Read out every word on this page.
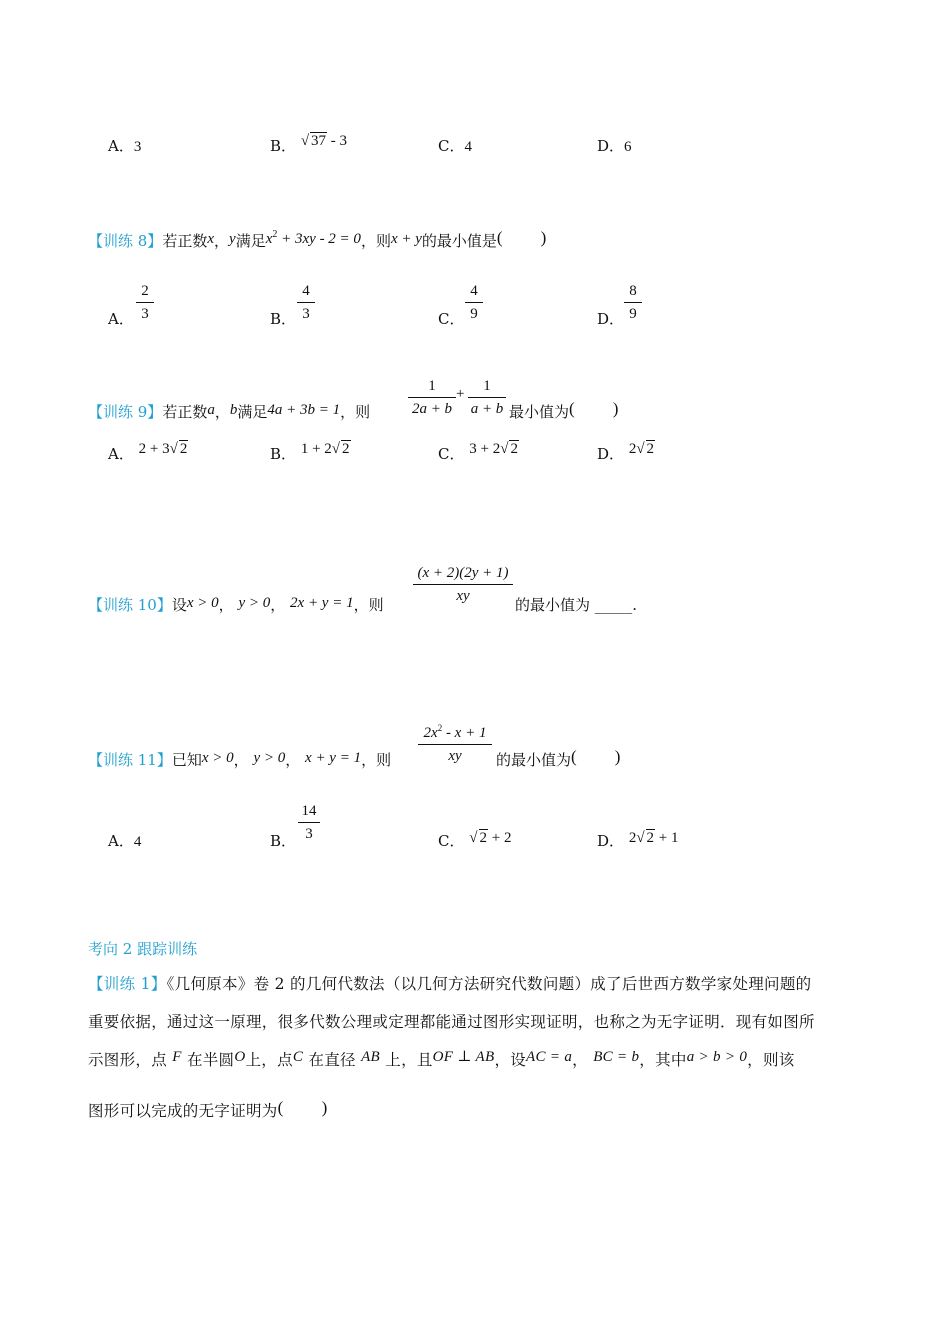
A．3	B． √ 37 - 3	C．4	D．6
【训练 8】若正数x，y满足$x^2 + 3xy - 2 = 0$，则x + y的最小值是( )
A．
2
3	B．
4
3	C．
4
9	D．
8
9
【训练 9】若正数a，b满足4a + 3b = 1，则
1
2a + b
+	1
a + b 最小值为( )
A． 2 + 3√ 2	B． 1 + 2√ 2	C． 3 + 2√ 2	D． 2√ 2
【训练 10】设x > 0， y > 0， 2x + y = 1，则
(x + 2)(2y + 1)
xy	的最小值为 _____.
【训练 11】已知x > 0， y > 0， x + y = 1，则
$2x^2 - x + 1$
xy	的最小值为( )
A．4	B．
14
3	C． √ 2 + 2	D． 2√ 2 + 1
考向 2 跟踪训练
【训练 1】《几何原本》卷 2 的几何代数法（以几何方法研究代数问题）成了后世西方数学家处理问题的
重要依据，通过这一原理，很多代数公理或定理都能通过图形实现证明，也称之为无字证明．现有如图所
示图形，点 F 在半圆O上，点C 在直径 AB 上，且OF ⊥ AB，设AC = a， BC = b，其中a > b > 0，则该
图形可以完成的无字证明为( )
